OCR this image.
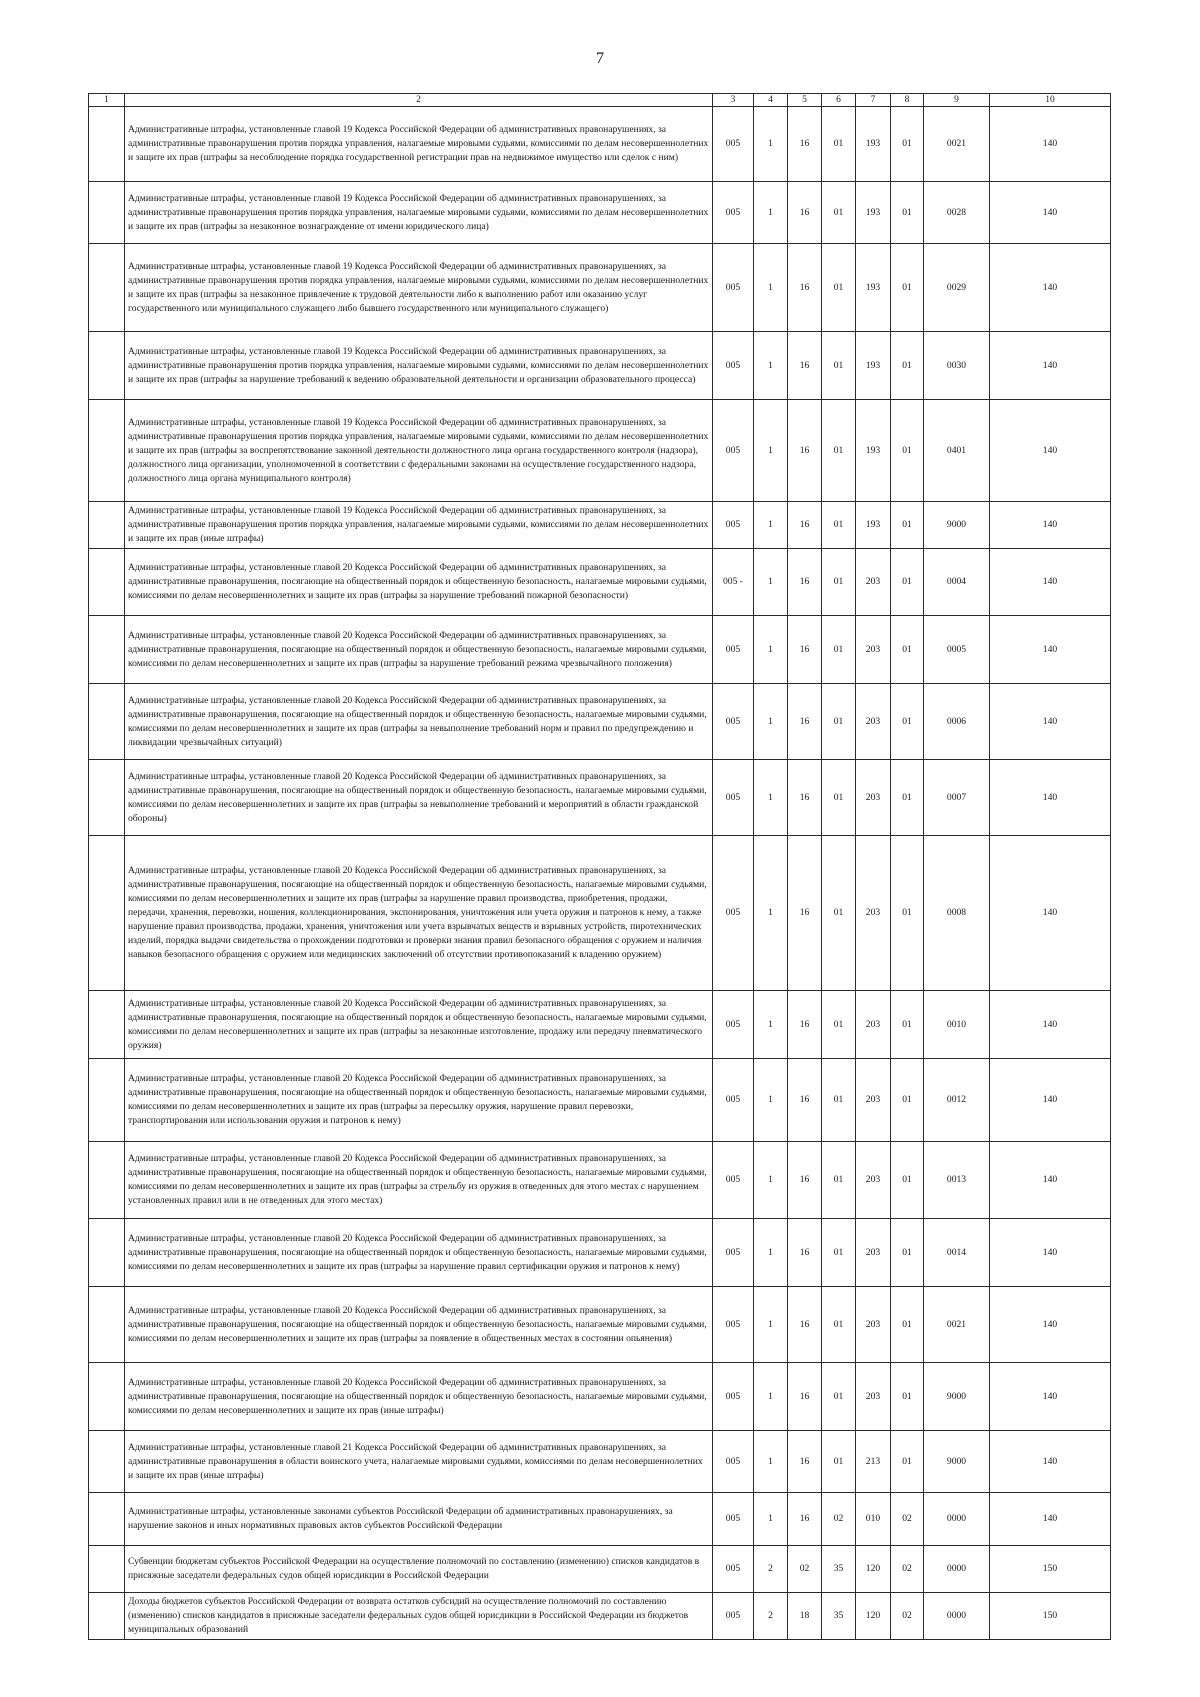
7
1	2	3	4	5	6	7	8	9	10
	Административные штрафы, установленные главой 19 Кодекса Российской Федерации об административных правонарушениях, за административные правонарушения против порядка управления, налагаемые мировыми судьями, комиссиями по делам несовершеннолетних и защите их прав (штрафы за несоблюдение порядка государственной регистрации прав на недвижимое имущество или сделок с ним)	005	1	16	01	193	01	0021	140
	Административные штрафы, установленные главой 19 Кодекса Российской Федерации об административных правонарушениях, за административные правонарушения против порядка управления, налагаемые мировыми судьями, комиссиями по делам несовершеннолетних и защите их прав (штрафы за незаконное вознаграждение от имени юридического лица)	005	1	16	01	193	01	0028	140
	Административные штрафы, установленные главой 19 Кодекса Российской Федерации об административных правонарушениях, за административные правонарушения против порядка управления, налагаемые мировыми судьями, комиссиями по делам несовершеннолетних и защите их прав (штрафы за незаконное привлечение к трудовой деятельности либо к выполнению работ или оказанию услуг государственного или муниципального служащего либо бывшего государственного или муниципального служащего)	005	1	16	01	193	01	0029	140
	Административные штрафы, установленные главой 19 Кодекса Российской Федерации об административных правонарушениях, за административные правонарушения против порядка управления, налагаемые мировыми судьями, комиссиями по делам несовершеннолетних и защите их прав (штрафы за нарушение требований к ведению образовательной деятельности и организации образовательного процесса)	005	1	16	01	193	01	0030	140
	Административные штрафы, установленные главой 19 Кодекса Российской Федерации об административных правонарушениях, за административные правонарушения против порядка управления, налагаемые мировыми судьями, комиссиями по делам несовершеннолетних и защите их прав (штрафы за воспрепятствование законной деятельности должностного лица органа государственного контроля (надзора), должностного лица организации, уполномоченной в соответствии с федеральными законами на осуществление государственного надзора, должностного лица органа муниципального контроля)	005	1	16	01	193	01	0401	140
	Административные штрафы, установленные главой 19 Кодекса Российской Федерации об административных правонарушениях, за административные правонарушения против порядка управления, налагаемые мировыми судьями, комиссиями по делам несовершеннолетних и защите их прав (иные штрафы)	005	1	16	01	193	01	9000	140
	Административные штрафы, установленные главой 20 Кодекса Российской Федерации об административных правонарушениях, за административные правонарушения, посягающие на общественный порядок и общественную безопасность, налагаемые мировыми судьями, комиссиями по делам несовершеннолетних и защите их прав (штрафы за нарушение требований пожарной безопасности)	005 -	1	16	01	203	01	0004	140
	Административные штрафы, установленные главой 20 Кодекса Российской Федерации об административных правонарушениях, за административные правонарушения, посягающие на общественный порядок и общественную безопасность, налагаемые мировыми судьями, комиссиями по делам несовершеннолетних и защите их прав (штрафы за нарушение требований режима чрезвычайного положения)	005	1	16	01	203	01	0005	140
	Административные штрафы, установленные главой 20 Кодекса Российской Федерации об административных правонарушениях, за административные правонарушения, посягающие на общественный порядок и общественную безопасность, налагаемые мировыми судьями, комиссиями по делам несовершеннолетних и защите их прав (штрафы за невыполнение требований норм и правил по предупреждению и ликвидации чрезвычайных ситуаций)	005	1	16	01	203	01	0006	140
	Административные штрафы, установленные главой 20 Кодекса Российской Федерации об административных правонарушениях, за административные правонарушения, посягающие на общественный порядок и общественную безопасность, налагаемые мировыми судьями, комиссиями по делам несовершеннолетних и защите их прав (штрафы за невыполнение требований и мероприятий в области гражданской обороны)	005	1	16	01	203	01	0007	140
	Административные штрафы, установленные главой 20 Кодекса Российской Федерации об административных правонарушениях, за административные правонарушения, посягающие на общественный порядок и общественную безопасность, налагаемые мировыми судьями, комиссиями по делам несовершеннолетних и защите их прав (штрафы за нарушение правил производства, приобретения, продажи, передачи, хранения, перевозки, ношения, коллекционирования, экспонирования, уничтожения или учета оружия и патронов к нему, а также нарушение правил производства, продажи, хранения, уничтожения или учета взрывчатых веществ и взрывных устройств, пиротехнических изделий, порядка выдачи свидетельства о прохождении подготовки и проверки знания правил безопасного обращения с оружием и наличия навыков безопасного обращения с оружием или медицинских заключений об отсутствии противопоказаний к владению оружием)	005	1	16	01	203	01	0008	140
	Административные штрафы, установленные главой 20 Кодекса Российской Федерации об административных правонарушениях, за административные правонарушения, посягающие на общественный порядок и общественную безопасность, налагаемые мировыми судьями, комиссиями по делам несовершеннолетних и защите их прав (штрафы за незаконные изготовление, продажу или передачу пневматического оружия)	005	1	16	01	203	01	0010	140
	Административные штрафы, установленные главой 20 Кодекса Российской Федерации об административных правонарушениях, за административные правонарушения, посягающие на общественный порядок и общественную безопасность, налагаемые мировыми судьями, комиссиями по делам несовершеннолетних и защите их прав (штрафы за пересылку оружия, нарушение правил перевозки, транспортирования или использования оружия и патронов к нему)	005	1	16	01	203	01	0012	140
	Административные штрафы, установленные главой 20 Кодекса Российской Федерации об административных правонарушениях, за административные правонарушения, посягающие на общественный порядок и общественную безопасность, налагаемые мировыми судьями, комиссиями по делам несовершеннолетних и защите их прав (штрафы за стрельбу из оружия в отведенных для этого местах с нарушением установленных правил или в не отведенных для этого местах)	005	1	16	01	203	01	0013	140
	Административные штрафы, установленные главой 20 Кодекса Российской Федерации об административных правонарушениях, за административные правонарушения, посягающие на общественный порядок и общественную безопасность, налагаемые мировыми судьями, комиссиями по делам несовершеннолетних и защите их прав (штрафы за нарушение правил сертификации оружия и патронов к нему)	005	1	16	01	203	01	0014	140
	Административные штрафы, установленные главой 20 Кодекса Российской Федерации об административных правонарушениях, за административные правонарушения, посягающие на общественный порядок и общественную безопасность, налагаемые мировыми судьями, комиссиями по делам несовершеннолетних и защите их прав (штрафы за появление в общественных местах в состоянии опьянения)	005	1	16	01	203	01	0021	140
	Административные штрафы, установленные главой 20 Кодекса Российской Федерации об административных правонарушениях, за административные правонарушения, посягающие на общественный порядок и общественную безопасность, налагаемые мировыми судьями, комиссиями по делам несовершеннолетних и защите их прав (иные штрафы)	005	1	16	01	203	01	9000	140
	Административные штрафы, установленные главой 21 Кодекса Российской Федерации об административных правонарушениях, за административные правонарушения в области воинского учета, налагаемые мировыми судьями, комиссиями по делам несовершеннолетних и защите их прав (иные штрафы)	005	1	16	01	213	01	9000	140
	Административные штрафы, установленные законами субъектов Российской Федерации об административных правонарушениях, за нарушение законов и иных нормативных правовых актов субъектов Российской Федерации	005	1	16	02	010	02	0000	140
	Субвенции бюджетам субъектов Российской Федерации на осуществление полномочий по составлению (изменению) списков кандидатов в присяжные заседатели федеральных судов общей юрисдикции в Российской Федерации	005	2	02	35	120	02	0000	150
	Доходы бюджетов субъектов Российской Федерации от возврата остатков субсидий на осуществление полномочий по составлению (изменению) списков кандидатов в присяжные заседатели федеральных судов общей юрисдикции в Российской Федерации из бюджетов муниципальных образований	005	2	18	35	120	02	0000	150
